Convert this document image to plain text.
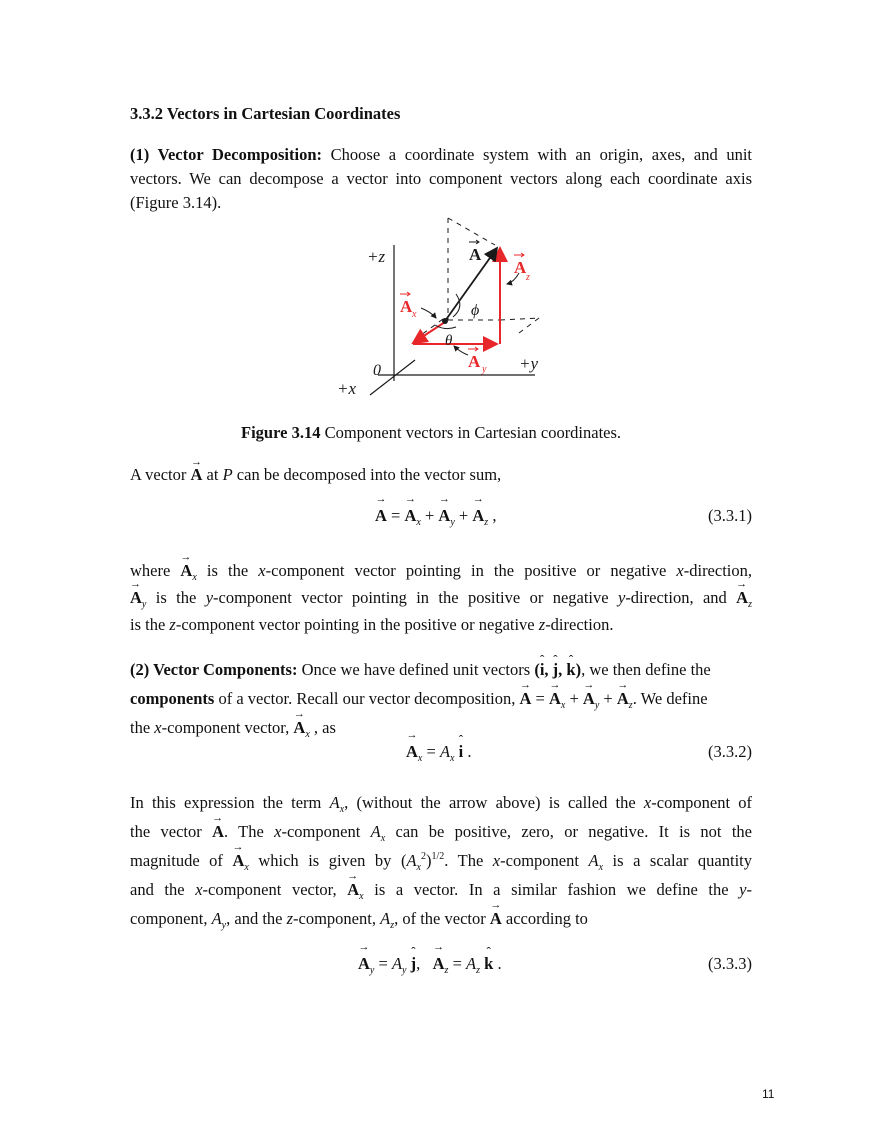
3.3.2 Vectors in Cartesian Coordinates
(1) Vector Decomposition: Choose a coordinate system with an origin, axes, and unit
vectors. We can decompose a vector into component vectors along each coordinate axis
(Figure 3.14).
+z
+y
+x
0
A
A
z
A x
A y
ϕ
θ
Figure 3.14 Component vectors in Cartesian coordinates.
A vector → A at P can be decomposed into the vector sum,
→ A = → $A_x$ + → $A_y$ + → $A_z$ ,	(3.3.1)
where → $A_x$ is the x-component vector pointing in the positive or negative x-direction,
→ $A_y$ is the y-component vector pointing in the positive or negative y-direction, and → $A_z$
is the z-component vector pointing in the positive or negative z-direction.
(2) Vector Components: Once we have defined unit vectors (ˆ i, ˆ j, ˆ k), we then define the
components of a vector. Recall our vector decomposition, → A = → $A_x$ + → $A_y$ + → $A_z$. We define
the x-component vector, → $A_x$ , as
→ $A_x = A_x$ ˆ i .	(3.3.2)
In this expression the term $A_x$, (without the arrow above) is called the x-component of
the vector → A. The x-component $A_x$ can be positive, zero, or negative. It is not the
magnitude of → $A_x$ which is given by $(A_x^2)^{1/2}$. The x-component $A_x$ is a scalar quantity
and the x-component vector, → $A_x$ is a vector. In a similar fashion we define the y-
component, $A_y$, and the z-component, $A_z$, of the vector → A according to
→ $A_y = A_y$ ˆ j, → $A_z = A_z$ ˆ k .	(3.3.3)
11
